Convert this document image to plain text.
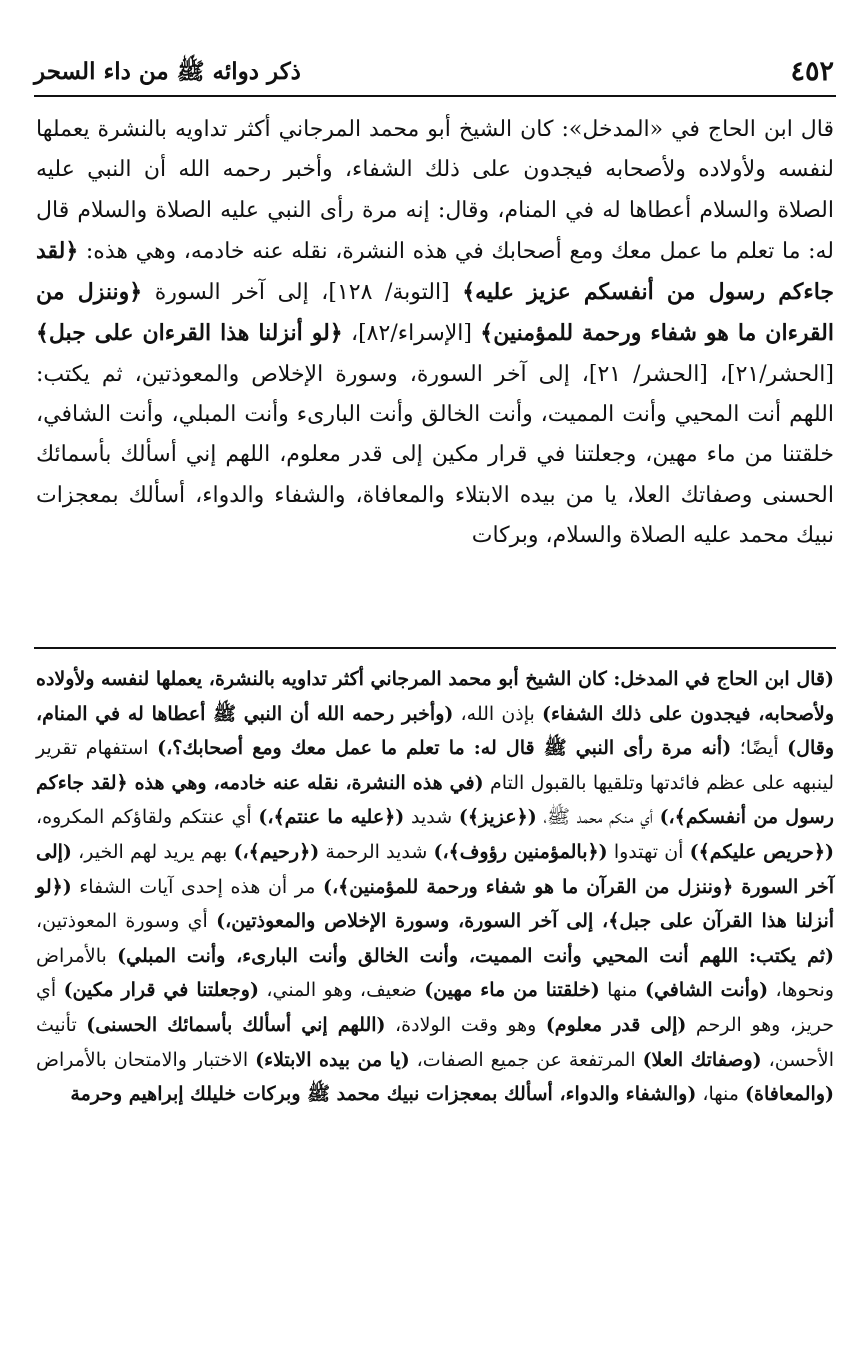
٤٥٢
ذكر دوائه ﷺ من داء السحر

قال ابن الحاج في «المدخل»: كان الشيخ أبو محمد المرجاني أكثر تداويه بالنشرة يعملها لنفسه ولأولاده ولأصحابه فيجدون على ذلك الشفاء، وأخبر رحمه الله أن النبي عليه الصلاة والسلام أعطاها له في المنام، وقال: إنه مرة رأى النبي عليه الصلاة والسلام قال له: ما تعلم ما عمل معك ومع أصحابك في هذه النشرة، نقله عنه خادمه، وهي هذه: ﴿لقد جاءكم رسول من أنفسكم عزيز عليه﴾ [التوبة/ ١٢٨]، إلى آخر السورة ﴿وننزل من القرءان ما هو شفاء ورحمة للمؤمنين﴾ [الإسراء/٨٢]، ﴿لو أنزلنا هذا القرءان على جبل﴾ [الحشر/٢١]، [الحشر/ ٢١]، إلى آخر السورة، وسورة الإخلاص والمعوذتين، ثم يكتب: اللهم أنت المحيي وأنت المميت، وأنت الخالق وأنت البارىء وأنت المبلي، وأنت الشافي، خلقتنا من ماء مهين، وجعلتنا في قرار مكين إلى قدر معلوم، اللهم إني أسألك بأسمائك الحسنى وصفاتك العلا، يا من بيده الابتلاء والمعافاة، والشفاء والدواء، أسألك بمعجزات نبيك محمد عليه الصلاة والسلام، وبركات

(قال ابن الحاج في المدخل: كان الشيخ أبو محمد المرجاني أكثر تداويه بالنشرة، يعملها لنفسه ولأولاده ولأصحابه، فيجدون على ذلك الشفاء) بإذن الله، (وأخبر رحمه الله أن النبي ﷺ أعطاها له في المنام، وقال) أيضًا؛ (أنه مرة رأى النبي ﷺ قال له: ما تعلم ما عمل معك ومع أصحابك؟،) استفهام تقرير لينبهه على عظم فائدتها وتلقيها بالقبول التام (في هذه النشرة، نقله عنه خادمه، وهي هذه ﴿لقد جاءكم رسول من أنفسكم﴾،) أي منكم محمد ﷺ، (﴿عزيز﴾) شديد (﴿عليه ما عنتم﴾،) أي عنتكم ولقاؤكم المكروه، (﴿حريص عليكم﴾) أن تهتدوا (﴿بالمؤمنين رؤوف﴾،) شديد الرحمة (﴿رحيم﴾،) بهم يريد لهم الخير، (إلى آخر السورة ﴿وننزل من القرآن ما هو شفاء ورحمة للمؤمنين﴾،) مر أن هذه إحدى آيات الشفاء (﴿لو أنزلنا هذا القرآن على جبل﴾، إلى آخر السورة، وسورة الإخلاص والمعوذتين،) أي وسورة المعوذتين، (ثم يكتب: اللهم أنت المحيي وأنت المميت، وأنت الخالق وأنت البارىء، وأنت المبلي) بالأمراض ونحوها، (وأنت الشافي) منها (خلقتنا من ماء مهين) ضعيف، وهو المني، (وجعلتنا في قرار مكين) أي حريز، وهو الرحم (إلى قدر معلوم) وهو وقت الولادة، (اللهم إني أسألك بأسمائك الحسنى) تأنيث الأحسن، (وصفاتك العلا) المرتفعة عن جميع الصفات، (يا من بيده الابتلاء) الاختبار والامتحان بالأمراض (والمعافاة) منها، (والشفاء والدواء، أسألك بمعجزات نبيك محمد ﷺ وبركات خليلك إبراهيم وحرمة
